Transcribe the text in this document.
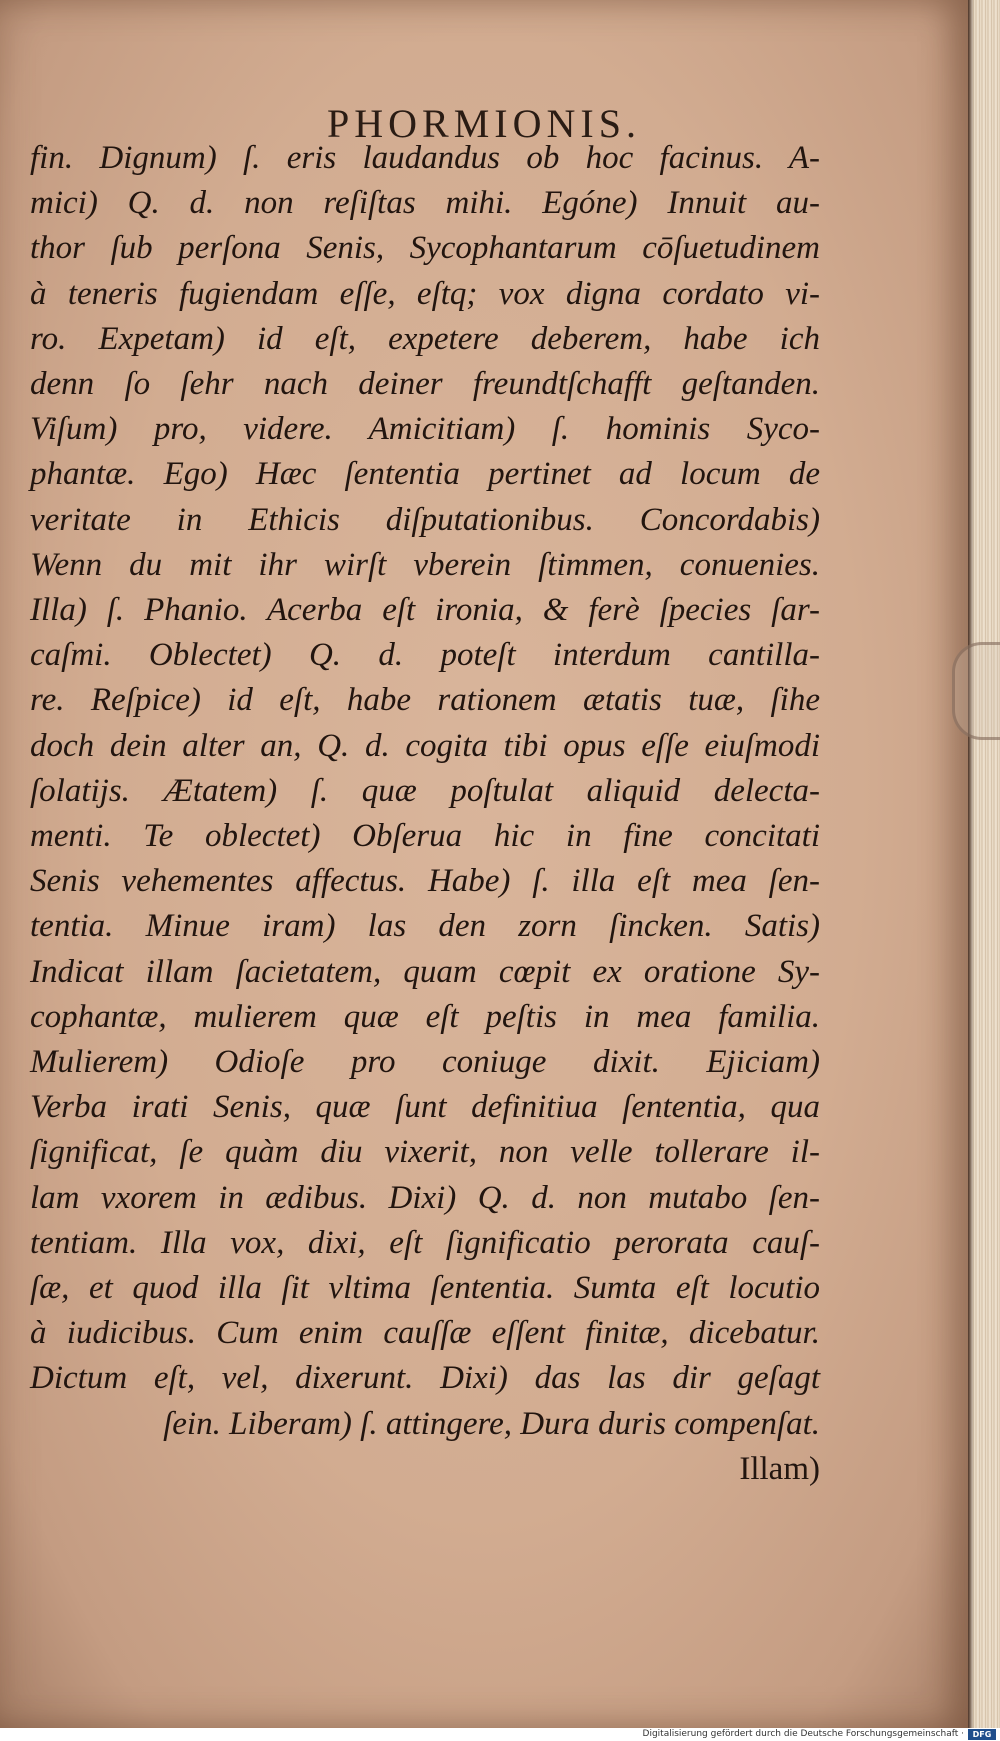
PHORMIONIS.
fin. Dignum) ſ. eris laudandus ob hoc facinus. A-
mici) Q. d. non reſiſtas mihi. Egóne) Innuit au-
thor ſub perſona Senis, Sycophantarum cōſuetudinem
à teneris fugiendam eſſe, eſtq; vox digna cordato vi-
ro. Expetam) id eſt, expetere deberem, habe ich
denn ſo ſehr nach deiner freundtſchafft geſtanden.
Viſum) pro, videre. Amicitiam) ſ. hominis Syco-
phantæ. Ego) Hæc ſententia pertinet ad locum de
veritate in Ethicis diſputationibus. Concordabis)
Wenn du mit ihr wirſt vberein ſtimmen, conuenies.
Illa) ſ. Phanio. Acerba eſt ironia, & ferè ſpecies ſar-
caſmi. Oblectet) Q. d. poteſt interdum cantilla-
re. Reſpice) id eſt, habe rationem ætatis tuæ, ſihe
doch dein alter an, Q. d. cogita tibi opus eſſe eiuſmodi
ſolatijs. Ætatem) ſ. quæ poſtulat aliquid delecta-
menti. Te oblectet) Obſerua hic in fine concitati
Senis vehementes affectus. Habe) ſ. illa eſt mea ſen-
tentia. Minue iram) las den zorn ſincken. Satis)
Indicat illam ſacietatem, quam cœpit ex oratione Sy-
cophantæ, mulierem quæ eſt peſtis in mea familia.
Mulierem) Odioſe pro coniuge dixit. Ejiciam)
Verba irati Senis, quæ ſunt definitiua ſententia, qua
ſignificat, ſe quàm diu vixerit, non velle tollerare il-
lam vxorem in ædibus. Dixi) Q. d. non mutabo ſen-
tentiam. Illa vox, dixi, eſt ſignificatio perorata cauſ-
ſæ, et quod illa ſit vltima ſententia. Sumta eſt locutio
à iudicibus. Cum enim cauſſæ eſſent finitæ, dicebatur.
Dictum eſt, vel, dixerunt. Dixi) das las dir geſagt
ſein. Liberam) ſ. attingere, Dura duris compenſat.
Illam)
Digitalisierung gefördert durch die Deutsche Forschungsgemeinschaft ·	DFG
